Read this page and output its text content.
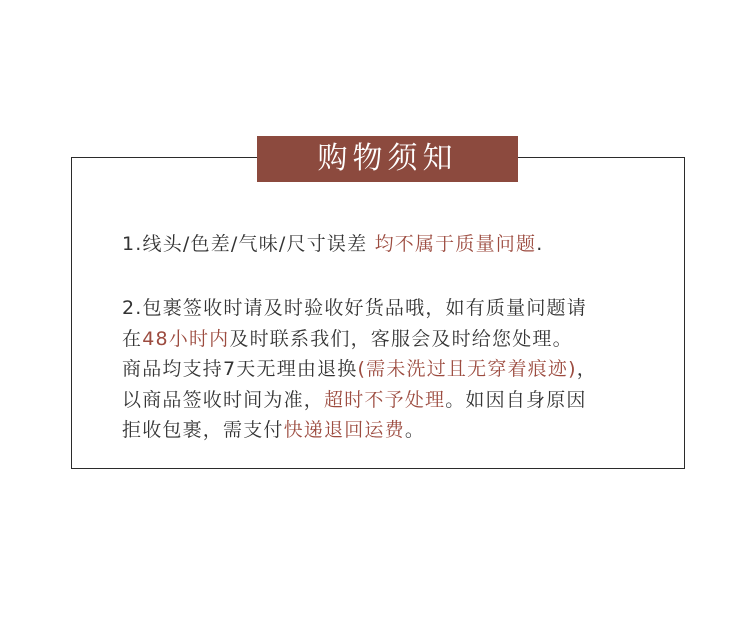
购物须知
1.线头/色差/气味/尺寸误差 均不属于质量问题.
2.包裹签收时请及时验收好货品哦，如有质量问题请
在48小时内及时联系我们，客服会及时给您处理。
商品均支持7天无理由退换(需未洗过且无穿着痕迹)，
以商品签收时间为准，超时不予处理。如因自身原因
拒收包裹，需支付快递退回运费。
